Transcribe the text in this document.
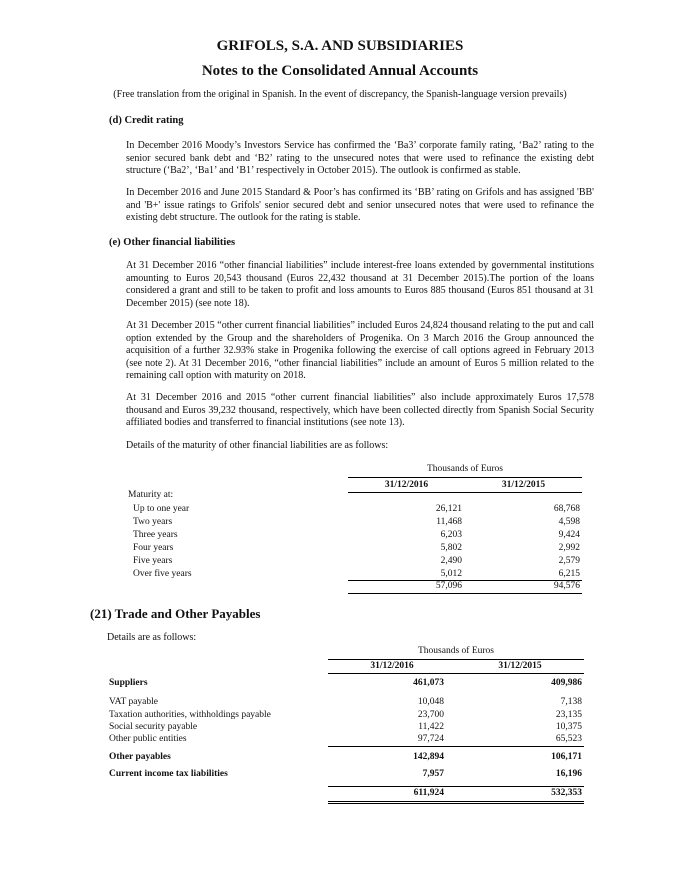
GRIFOLS, S.A. AND SUBSIDIARIES
Notes to the Consolidated Annual Accounts
(Free translation from the original in Spanish. In the event of discrepancy, the Spanish-language version prevails)
(d) Credit rating

In December 2016 Moody’s Investors Service has confirmed the ‘Ba3’ corporate family rating, ‘Ba2’ rating to the senior secured bank debt and ‘B2’ rating to the unsecured notes that were used to refinance the existing debt structure (‘Ba2’, ‘Ba1’ and ‘B1’ respectively in October 2015). The outlook is confirmed as stable.

In December 2016 and June 2015 Standard & Poor’s has confirmed its ‘BB’ rating on Grifols and has assigned 'BB' and 'B+' issue ratings to Grifols' senior secured debt and senior unsecured notes that were used to refinance the existing debt structure. The outlook for the rating is stable.

(e) Other financial liabilities

At 31 December 2016 “other financial liabilities” include interest-free loans extended by governmental institutions amounting to Euros 20,543 thousand (Euros 22,432 thousand at 31 December 2015).The portion of the loans considered a grant and still to be taken to profit and loss amounts to Euros 885 thousand (Euros 851 thousand at 31 December 2015) (see note 18).

At 31 December 2015 “other current financial liabilities” included Euros 24,824 thousand relating to the put and call option extended by the Group and the shareholders of Progenika. On 3 March 2016 the Group announced the acquisition of a further 32.93% stake in Progenika following the exercise of call options agreed in February 2013 (see note 2). At 31 December 2016, “other financial liabilities” include an amount of Euros 5 million related to the remaining call option with maturity on 2018.

At 31 December 2016 and 2015 “other current financial liabilities” also include approximately Euros 17,578 thousand and Euros 39,232 thousand, respectively, which have been collected directly from Spanish Social Security affiliated bodies and transferred to financial institutions (see note 13).

Details of the maturity of other financial liabilities are as follows:

Thousands of Euros
31/12/2016	31/12/2015
Maturity at:
Up to one year	26,121	68,768
Two years	11,468	4,598
Three years	6,203	9,424
Four years	5,802	2,992
Five years	2,490	2,579
Over five years	5,012	6,215
57,096	94,576
(21) Trade and Other Payables
Details are as follows:
Thousands of Euros
31/12/2016	31/12/2015
Suppliers	461,073	409,986
VAT payable	10,048	7,138
Taxation authorities, withholdings payable	23,700	23,135
Social security payable	11,422	10,375
Other public entities	97,724	65,523
Other payables	142,894	106,171
Current income tax liabilities	7,957	16,196
611,924	532,353
